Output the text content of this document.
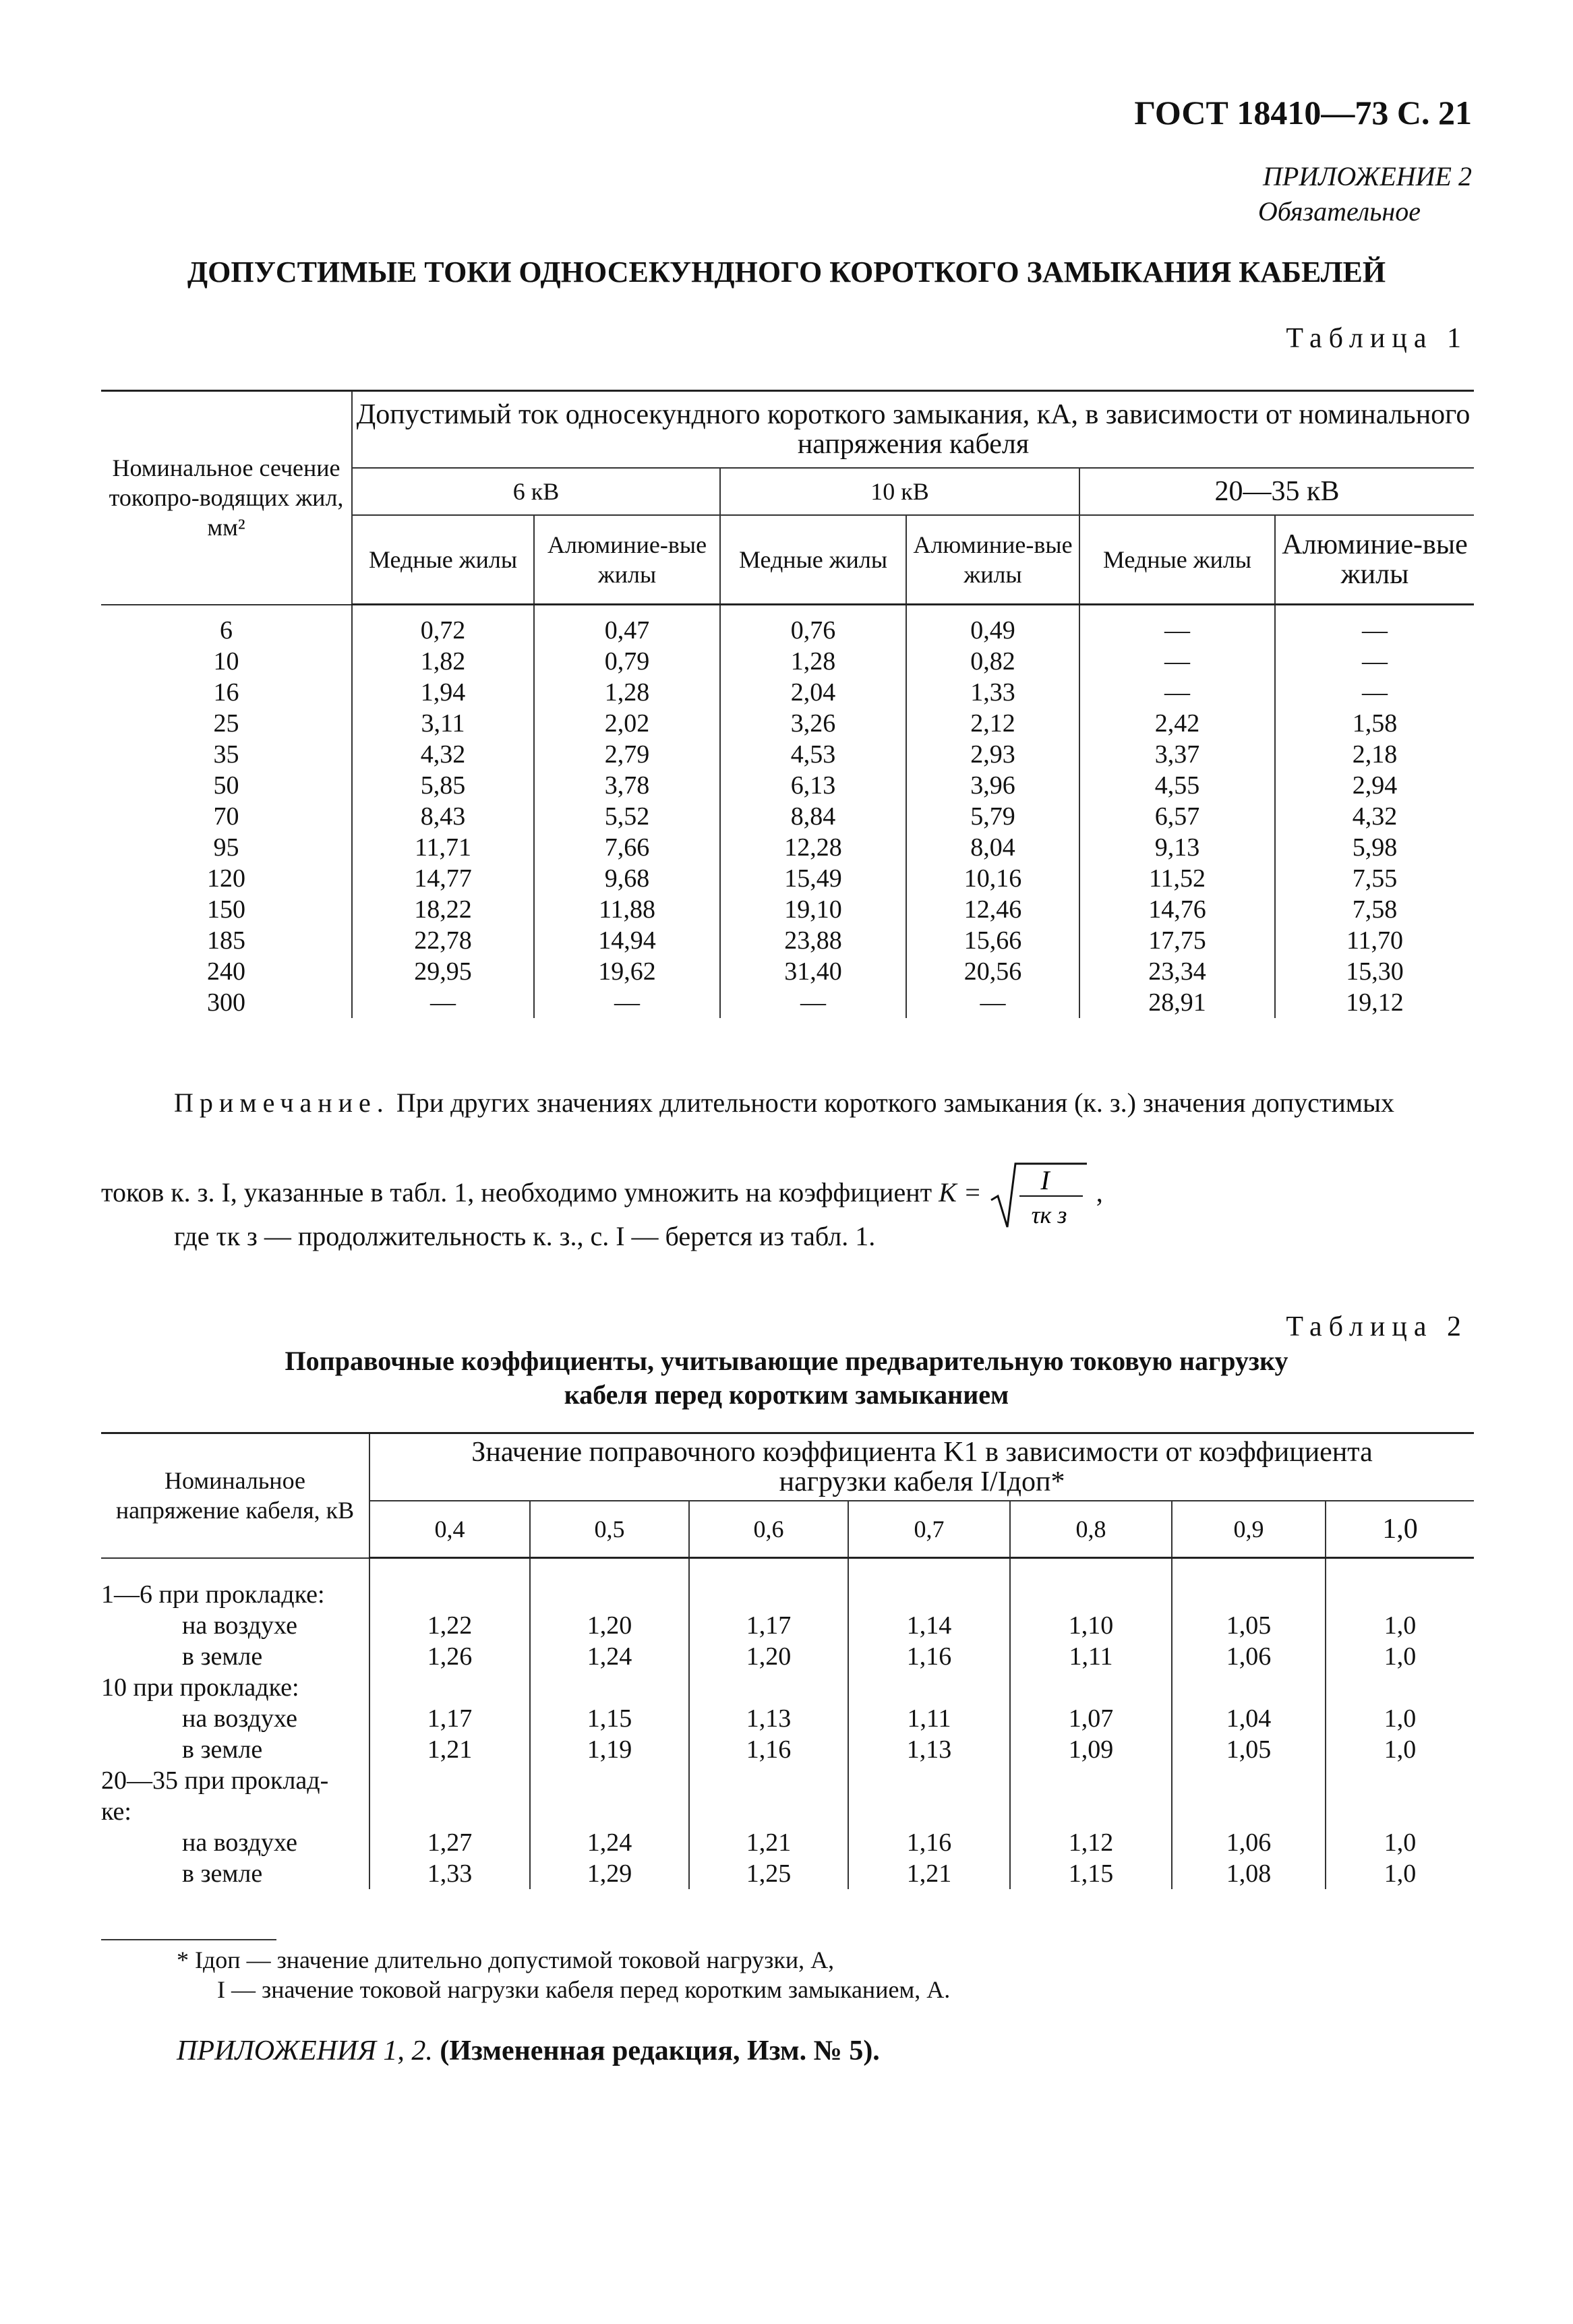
ГОСТ 18410—73 С. 21
ПРИЛОЖЕНИЕ 2
Обязательное
ДОПУСТИМЫЕ ТОКИ ОДНОСЕКУНДНОГО КОРОТКОГО ЗАМЫКАНИЯ КАБЕЛЕЙ
Таблица 1
Номинальное сечение токопро-водящих жил, мм²	Допустимый ток односекундного короткого замыкания, кА, в зависимости от номинального напряжения кабеля					
	6 кВ		10 кВ		20—35 кВ	
	Медные жилы	Алюминие-вые жилы	Медные жилы	Алюминие-вые жилы	Медные жилы	Алюминие-вые жилы
6	0,72	0,47	0,76	0,49	—	—
10	1,82	0,79	1,28	0,82	—	—
16	1,94	1,28	2,04	1,33	—	—
25	3,11	2,02	3,26	2,12	2,42	1,58
35	4,32	2,79	4,53	2,93	3,37	2,18
50	5,85	3,78	6,13	3,96	4,55	2,94
70	8,43	5,52	8,84	5,79	6,57	4,32
95	11,71	7,66	12,28	8,04	9,13	5,98
120	14,77	9,68	15,49	10,16	11,52	7,55
150	18,22	11,88	19,10	12,46	14,76	7,58
185	22,78	14,94	23,88	15,66	17,75	11,70
240	29,95	19,62	31,40	20,56	23,34	15,30
300	—	—	—	—	28,91	19,12
Примечание. При других значениях длительности короткого замыкания (к. з.) значения допустимых
токов к. з. I, указанные в табл. 1, необходимо умножить на коэффициент K = I
τк з
,
где τк з — продолжительность к. з., с. I — берется из табл. 1.
Таблица 2
Поправочные коэффициенты, учитывающие предварительную токовую нагрузку
кабеля перед коротким замыканием
Номинальное напряжение кабеля, кВ	Значение поправочного коэффициента K1 в зависимости от коэффициента
нагрузки кабеля I/Iдоп*						

	0,4	0,5	0,6	0,7	0,8	0,9	1,0
1—6 при прокладке:							
на воздухе	1,22	1,20	1,17	1,14	1,10	1,05	1,0
в земле	1,26	1,24	1,20	1,16	1,11	1,06	1,0
10 при прокладке:							
на воздухе	1,17	1,15	1,13	1,11	1,07	1,04	1,0
в земле	1,21	1,19	1,16	1,13	1,09	1,05	1,0
20—35 при проклад-							
ке:							
на воздухе	1,27	1,24	1,21	1,16	1,12	1,06	1,0
в земле	1,33	1,29	1,25	1,21	1,15	1,08	1,0
* Iдоп — значение длительно допустимой токовой нагрузки, А,
I — значение токовой нагрузки кабеля перед коротким замыканием, А.
ПРИЛОЖЕНИЯ 1, 2. (Измененная редакция, Изм. № 5).
